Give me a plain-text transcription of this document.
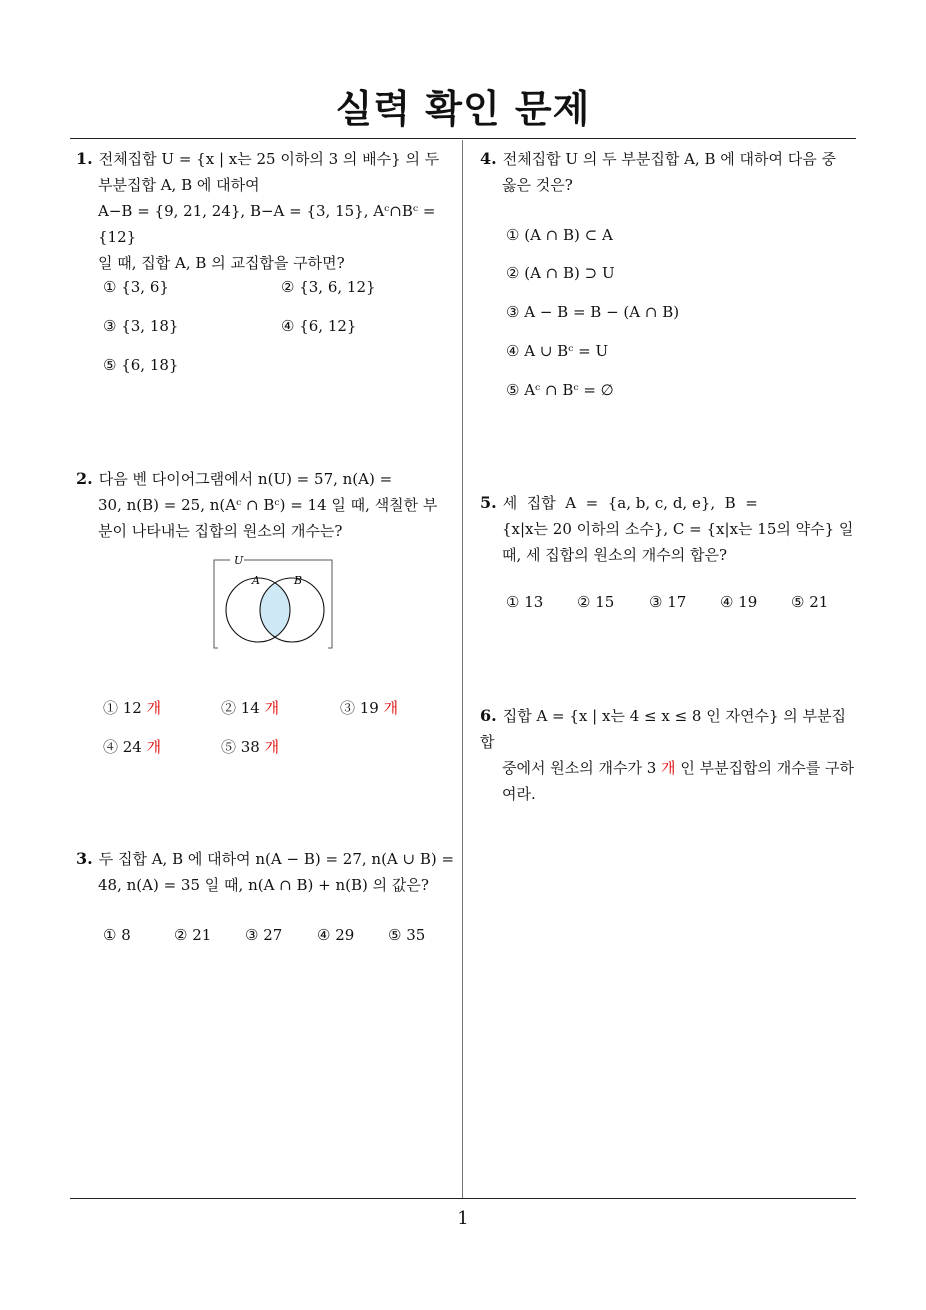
실력 확인 문제
1. 전체집합 U = {x | x는 25 이하의 3 의 배수} 의 두
부분집합 A, B 에 대하여
A−B = {9, 21, 24}, B−A = {3, 15}, Aᶜ∩Bᶜ = {12}
일 때, 집합 A, B 의 교집합을 구하면?
① {3, 6}	② {3, 6, 12}
③ {3, 18}	④ {6, 12}
⑤ {6, 18}
2. 다음 벤 다이어그램에서 n(U) = 57, n(A) =
30, n(B) = 25, n(Aᶜ ∩ Bᶜ) = 14 일 때, 색칠한 부
분이 나타내는 집합의 원소의 개수는?
U
A	B
① 12 개	② 14 개	③ 19 개
④ 24 개	⑤ 38 개
3. 두 집합 A, B 에 대하여 n(A − B) = 27, n(A ∪ B) =
48, n(A) = 35 일 때, n(A ∩ B) + n(B) 의 값은?
① 8	② 21 ③ 27 ④ 29 ⑤ 35
4. 전체집합 U 의 두 부분집합 A, B 에 대하여 다음 중
옳은 것은?
① (A ∩ B) ⊂ A
② (A ∩ B) ⊃ U
③ A − B = B − (A ∩ B)
④ A ∪ Bᶜ = U
⑤ Aᶜ ∩ Bᶜ = ∅
5. 세  집합  A  =  {a, b, c, d, e},  B  =
{x|x는 20 이하의 소수}, C = {x|x는 15의 약수} 일
때, 세 집합의 원소의 개수의 합은?
① 13 ② 15 ③ 17 ④ 19 ⑤ 21
6. 집합 A = {x | x는 4 ≤ x ≤ 8 인 자연수} 의 부분집합
중에서 원소의 개수가 3 개 인 부분집합의 개수를 구하
여라.
1
